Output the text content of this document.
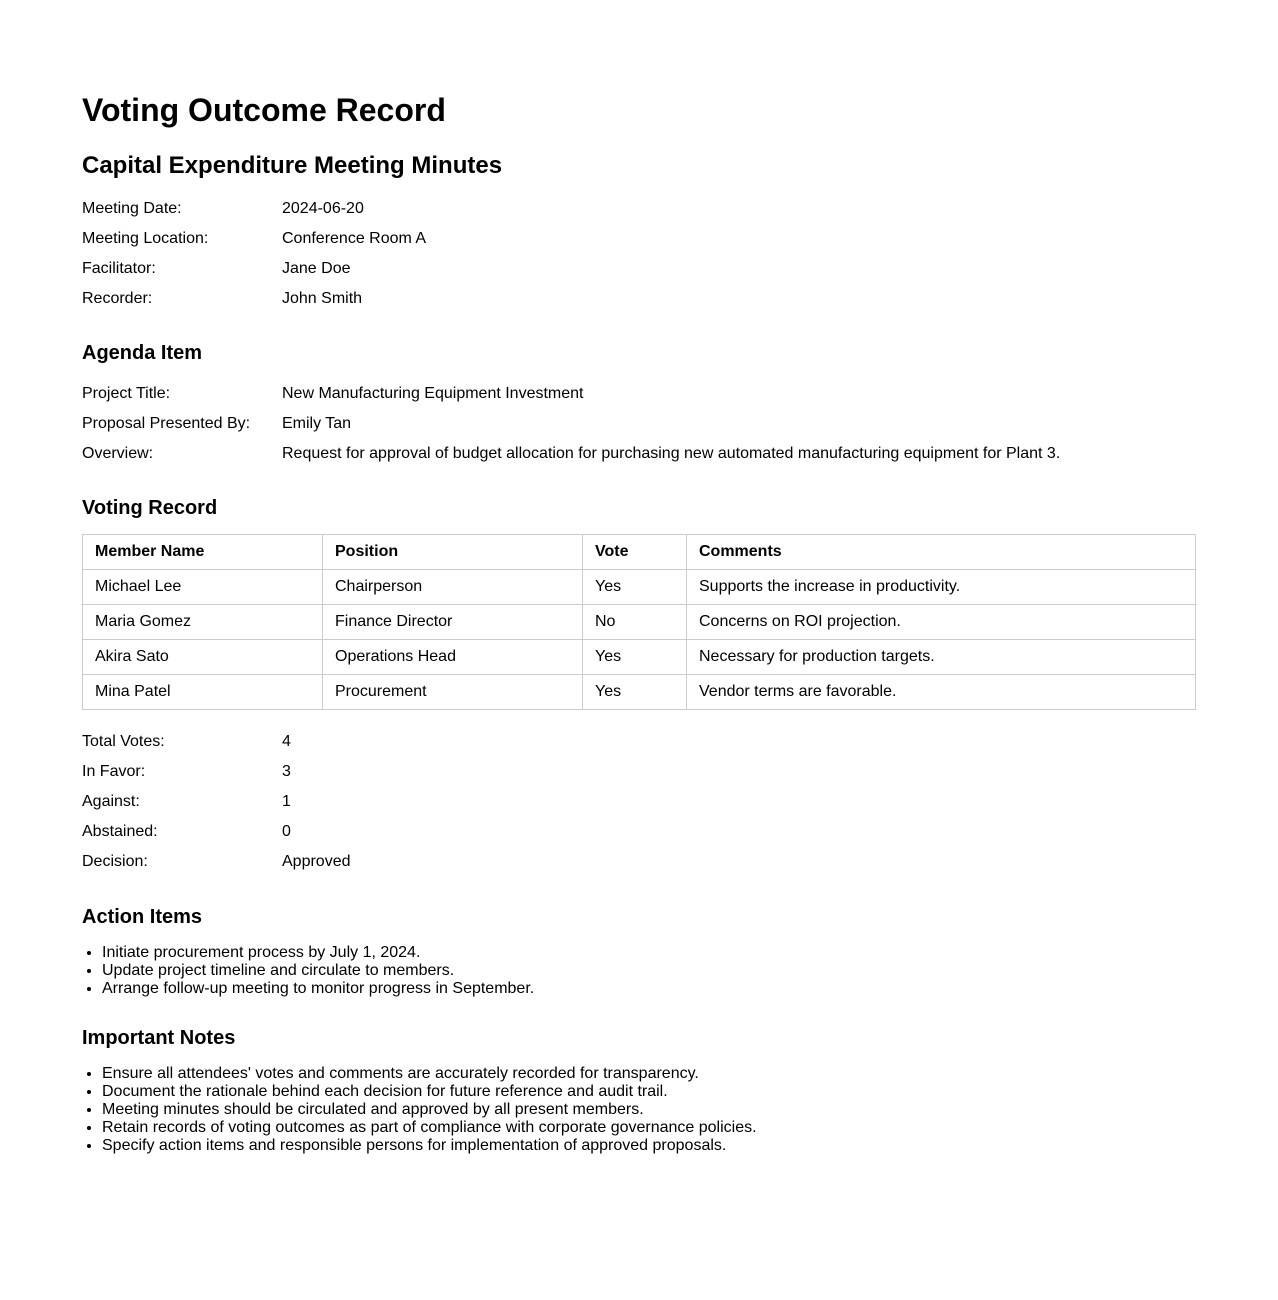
Voting Outcome Record
Capital Expenditure Meeting Minutes
Meeting Date:	2024-06-20
Meeting Location:	Conference Room A
Facilitator:	Jane Doe
Recorder:	John Smith
Agenda Item
Project Title:	New Manufacturing Equipment Investment
Proposal Presented By:	Emily Tan
Overview:	Request for approval of budget allocation for purchasing new automated manufacturing equipment for Plant 3.
Voting Record
Member Name	Position	Vote	Comments
Michael Lee	Chairperson	Yes	Supports the increase in productivity.
Maria Gomez	Finance Director	No	Concerns on ROI projection.
Akira Sato	Operations Head	Yes	Necessary for production targets.
Mina Patel	Procurement	Yes	Vendor terms are favorable.
Total Votes:	4
In Favor:	3
Against:	1
Abstained:	0
Decision:	Approved
Action Items
• Initiate procurement process by July 1, 2024.
• Update project timeline and circulate to members.
• Arrange follow-up meeting to monitor progress in September.
Important Notes
• Ensure all attendees' votes and comments are accurately recorded for transparency.
• Document the rationale behind each decision for future reference and audit trail.
• Meeting minutes should be circulated and approved by all present members.
• Retain records of voting outcomes as part of compliance with corporate governance policies.
• Specify action items and responsible persons for implementation of approved proposals.
